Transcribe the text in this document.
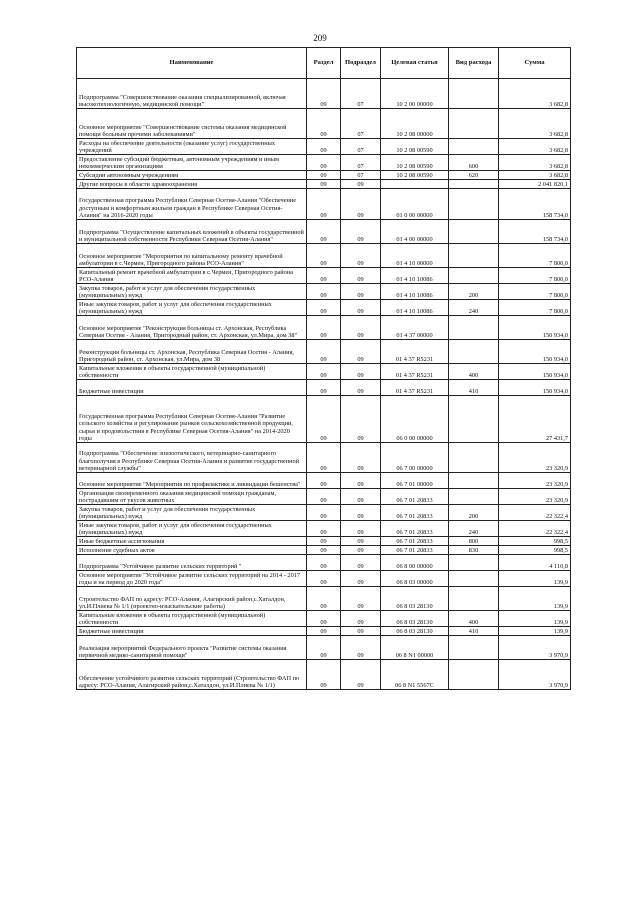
209
Наименование	Раздел	Подраздел	Целевая статья	Вид расхода	Сумма
Подпрограмма "Совершенствование оказания специализированной, включая высокотехнологичную, медицинской помощи"	09	07	10 2 00 00000		3 682,8
Основное мероприятие "Совершенствование системы оказания медицинской помощи больным прочими заболеваниями"	09	07	10 2 08 00000		3 682,8
Расходы на обеспечение деятельности (оказание услуг) государственных учреждений	09	07	10 2 08 00590		3 682,8
Предоставление субсидий бюджетным, автономным учреждениям и иным некоммерческим организациям	09	07	10 2 08 00590	600	3 682,8
Субсидии автономным учреждениям	09	07	10 2 08 00590	620	3 682,8
Другие вопросы в области здравоохранения	09	09			2 041 820,1
Государственная программа Республики Северная Осетия-Алания "Обеспечение доступным и комфортным жильем граждан в Республике Северная Осетия-Алания" на 2016-2020 годы	09	09	01 0 00 00000		158 734,0
Подпрограмма "Осуществление капитальных вложений в объекты государственной и муниципальной собственности Республики Северная Осетия-Алания"	09	09	01 4 00 00000		158 734,0
Основное мероприятие "Мероприятия по капитальному ремонту врачебной амбулатории в с.Чермен, Пригородного района РСО-Алания"	09	09	01 4 10 00000		7 800,0
Капитальный ремонт врачебной амбулатории в с.Чермен, Пригородного района РСО-Алания	09	09	01 4 10 10086		7 800,0
Закупка товаров, работ и услуг для обеспечения государственных (муниципальных) нужд	09	09	01 4 10 10086	200	7 800,0
Иные закупки товаров, работ и услуг для обеспечения государственных (муниципальных) нужд	09	09	01 4 10 10086	240	7 800,0
Основное мероприятие "Реконструкция больницы ст. Архонская, Республика Северная Осетия - Алания, Пригородный район, ст. Архонская, ул.Мира, дом 38"	09	09	01 4 37 00000		150 934,0
Реконструкция больницы ст. Архонская, Республика Северная Осетия - Алания, Пригородный район, ст. Архонская, ул.Мира, дом 38	09	09	01 4 37 R5231		150 934,0
Капитальные вложения в объекты государственной (муниципальной) собственности	09	09	01 4 37 R5231	400	150 934,0
Бюджетные инвестиции	09	09	01 4 37 R5231	410	150 934,0
Государственная программа Республики Северная Осетия-Алания "Развитие сельского хозяйства и регулирование рынков сельскохозяйственной продукции, сырья и продовольствия в Республике Северная Осетия-Алания" на 2014-2020 годы	09	09	06 0 00 00000		27 431,7
Подпрограмма "Обеспечение эпизоотического, ветеринарно-санитарного благополучия в Республике Северная Осетия-Алания и развитие государственной ветеринарной службы"	09	09	06 7 00 00000		23 320,9
Основное мероприятие "Мероприятия по профилактике и ликвидации бешенства"	09	09	06 7 01 00000		23 320,9
Организация своевременного оказания медицинской помощи гражданам, пострадавшим от укусов животных	09	09	06 7 01 20833		23 320,9
Закупка товаров, работ и услуг для обеспечения государственных (муниципальных) нужд	09	09	06 7 01 20833	200	22 322,4
Иные закупки товаров, работ и услуг для обеспечения государственных (муниципальных) нужд	09	09	06 7 01 20833	240	22 322,4
Иные бюджетные ассигнования	09	09	06 7 01 20833	800	998,5
Исполнение судебных актов	09	09	06 7 01 20833	830	998,5
Подпрограмма "Устойчивое развитие сельских территорий "	09	09	06 8 00 00000		4 110,8
Основное мероприятие "Устойчивое развитие сельских территорий на 2014 - 2017 годы и на период до 2020 года"	09	09	06 8 03 00000		139,9
Строительство ФАП по адресу: РСО-Алания, Алагирский район,с.Хаталдон, ул.И.Плиева № 1/1 (проектно-изыскательские работы)	09	09	06 8 03 28130		139,9
Капитальные вложения в объекты государственной (муниципальной) собственности	09	09	06 8 03 28130	400	139,9
Бюджетные инвестиции	09	09	06 8 03 28130	410	139,9
Реализация мероприятий Федерального проекта "Развитие системы оказания первичной медико-санитарной помощи"	09	09	06 8 N1 00000		3 970,9
Обеспечение устойчивого развития сельских территорий (Строительство ФАП по адресу: РСО-Алания, Алагирский район,с.Хаталдон, ул.И.Плиева № 1/1)	09	09	06 8 N1 5567C		3 970,9
